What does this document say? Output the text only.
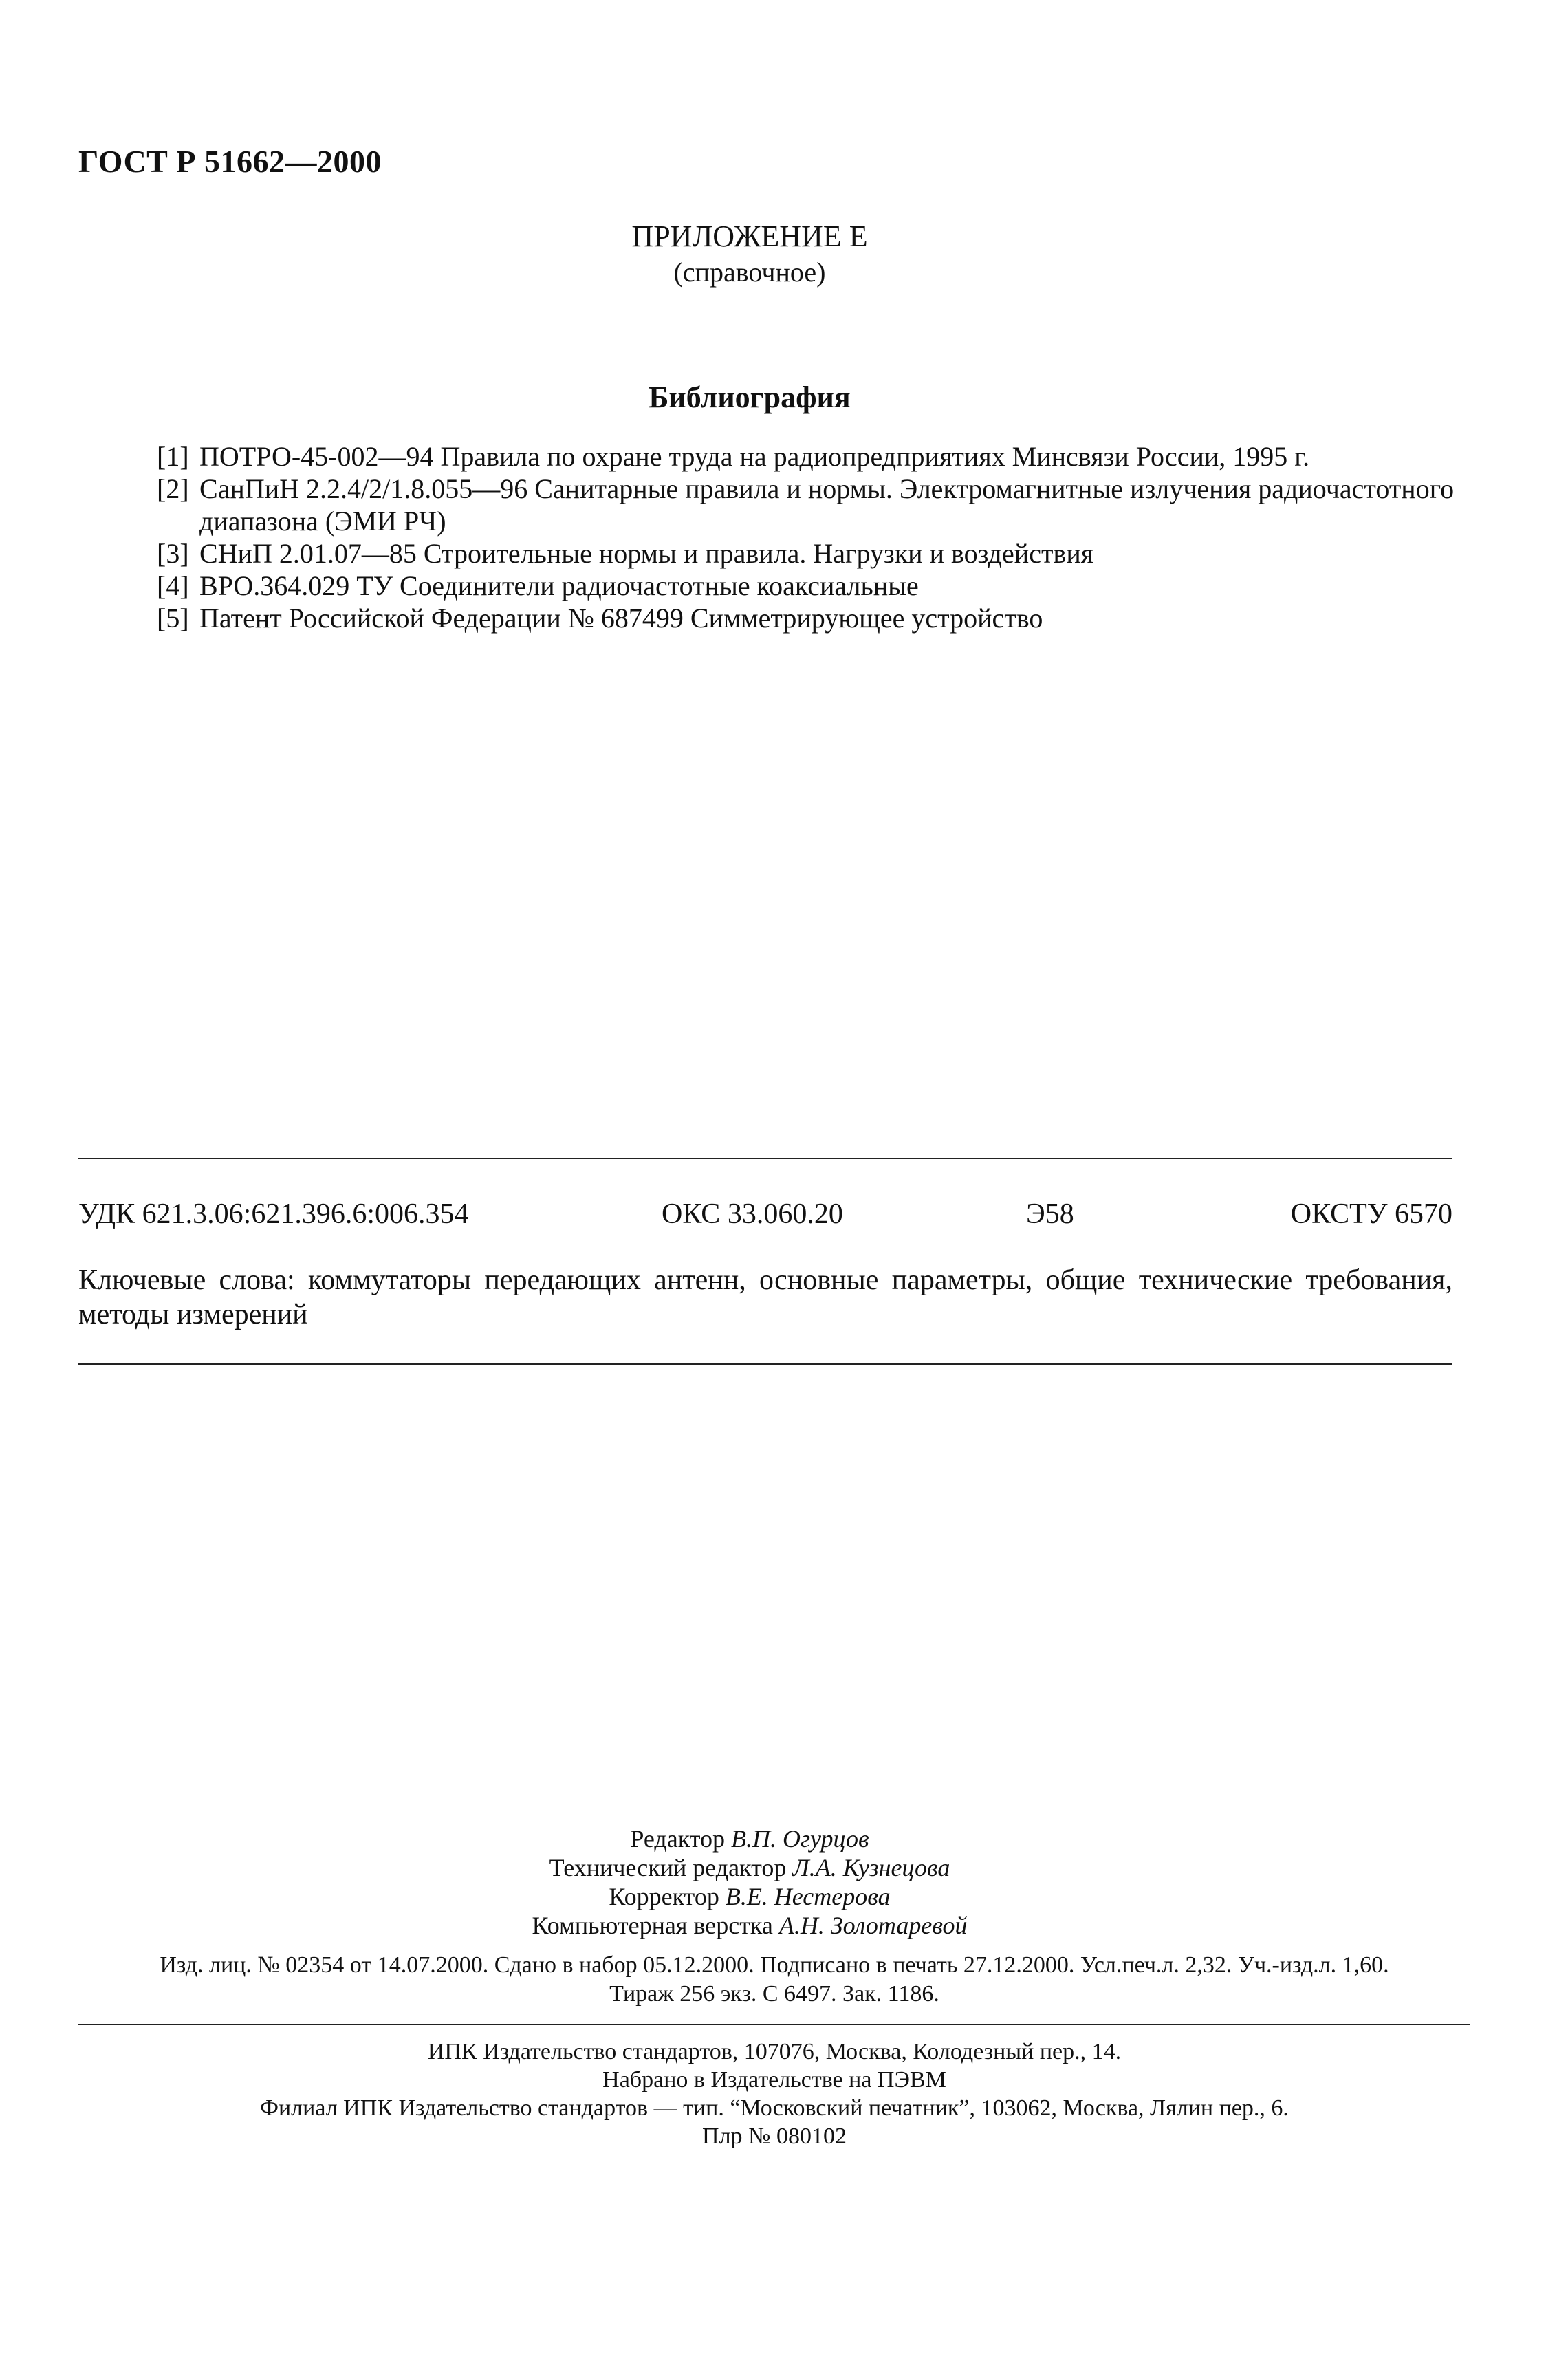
ГОСТ Р 51662—2000
ПРИЛОЖЕНИЕ Е
(справочное)
Библиография
[1] ПОТРО-45-002—94 Правила по охране труда на радиопредприятиях Минсвязи России, 1995 г.
[2] СанПиН 2.2.4/2/1.8.055—96 Санитарные правила и нормы. Электромагнитные излучения радиочастотного диапазона (ЭМИ РЧ)
[3] СНиП 2.01.07—85 Строительные нормы и правила. Нагрузки и воздействия
[4] ВРО.364.029 ТУ Соединители радиочастотные коаксиальные
[5] Патент Российской Федерации № 687499 Симметрирующее устройство
УДК 621.3.06:621.396.6:006.354	ОКС 33.060.20	Э58	ОКСТУ 6570
Ключевые слова: коммутаторы передающих антенн, основные параметры, общие технические требования, методы измерений
Редактор В.П. Огурцов
Технический редактор Л.А. Кузнецова
Корректор В.Е. Нестерова
Компьютерная верстка А.Н. Золотаревой
Изд. лиц. № 02354 от 14.07.2000. Сдано в набор 05.12.2000. Подписано в печать 27.12.2000. Усл.печ.л. 2,32. Уч.-изд.л. 1,60.
Тираж 256 экз. С 6497. Зак. 1186.
ИПК Издательство стандартов, 107076, Москва, Колодезный пер., 14.
Набрано в Издательстве на ПЭВМ
Филиал ИПК Издательство стандартов — тип. “Московский печатник”, 103062, Москва, Лялин пер., 6.
Плр № 080102
